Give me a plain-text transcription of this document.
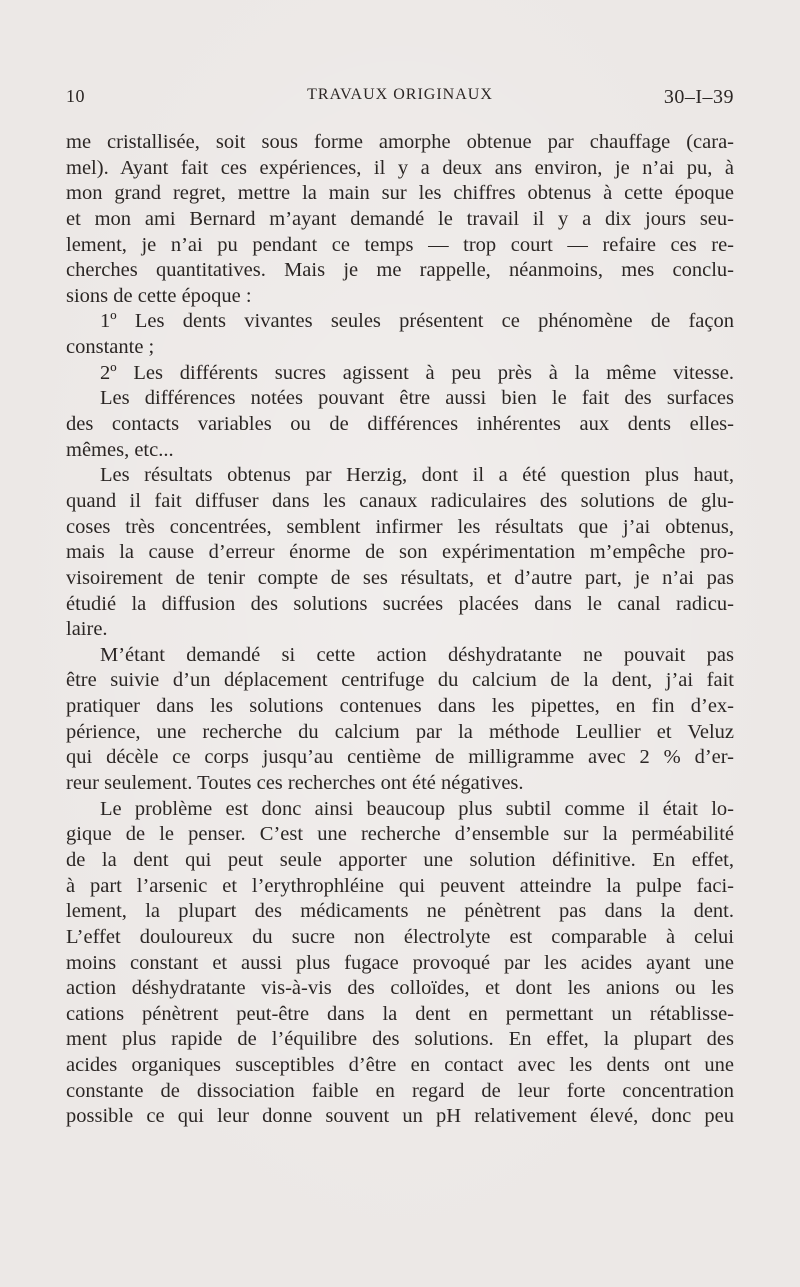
10	TRAVAUX ORIGINAUX	30–I–39
me cristallisée, soit sous forme amorphe obtenue par chauffage (cara-
mel). Ayant fait ces expériences, il y a deux ans environ, je n’ai pu, à
mon grand regret, mettre la main sur les chiffres obtenus à cette époque
et mon ami Bernard m’ayant demandé le travail il y a dix jours seu-
lement, je n’ai pu pendant ce temps — trop court — refaire ces re-
cherches quantitatives. Mais je me rappelle, néanmoins, mes conclu-
sions de cette époque :
1º Les dents vivantes seules présentent ce phénomène de façon
constante ;
2º Les différents sucres agissent à peu près à la même vitesse.
Les différences notées pouvant être aussi bien le fait des surfaces
des contacts variables ou de différences inhérentes aux dents elles-
mêmes, etc...
Les résultats obtenus par Herzig, dont il a été question plus haut,
quand il fait diffuser dans les canaux radiculaires des solutions de glu-
coses très concentrées, semblent infirmer les résultats que j’ai obtenus,
mais la cause d’erreur énorme de son expérimentation m’empêche pro-
visoirement de tenir compte de ses résultats, et d’autre part, je n’ai pas
étudié la diffusion des solutions sucrées placées dans le canal radicu-
laire.
M’étant demandé si cette action déshydratante ne pouvait pas
être suivie d’un déplacement centrifuge du calcium de la dent, j’ai fait
pratiquer dans les solutions contenues dans les pipettes, en fin d’ex-
périence, une recherche du calcium par la méthode Leullier et Veluz
qui décèle ce corps jusqu’au centième de milligramme avec 2 % d’er-
reur seulement. Toutes ces recherches ont été négatives.
Le problème est donc ainsi beaucoup plus subtil comme il était lo-
gique de le penser. C’est une recherche d’ensemble sur la perméabilité
de la dent qui peut seule apporter une solution définitive. En effet,
à part l’arsenic et l’erythrophléine qui peuvent atteindre la pulpe faci-
lement, la plupart des médicaments ne pénètrent pas dans la dent.
L’effet douloureux du sucre non électrolyte est comparable à celui
moins constant et aussi plus fugace provoqué par les acides ayant une
action déshydratante vis-à-vis des colloïdes, et dont les anions ou les
cations pénètrent peut-être dans la dent en permettant un rétablisse-
ment plus rapide de l’équilibre des solutions. En effet, la plupart des
acides organiques susceptibles d’être en contact avec les dents ont une
constante de dissociation faible en regard de leur forte concentration
possible ce qui leur donne souvent un pH relativement élevé, donc peu
